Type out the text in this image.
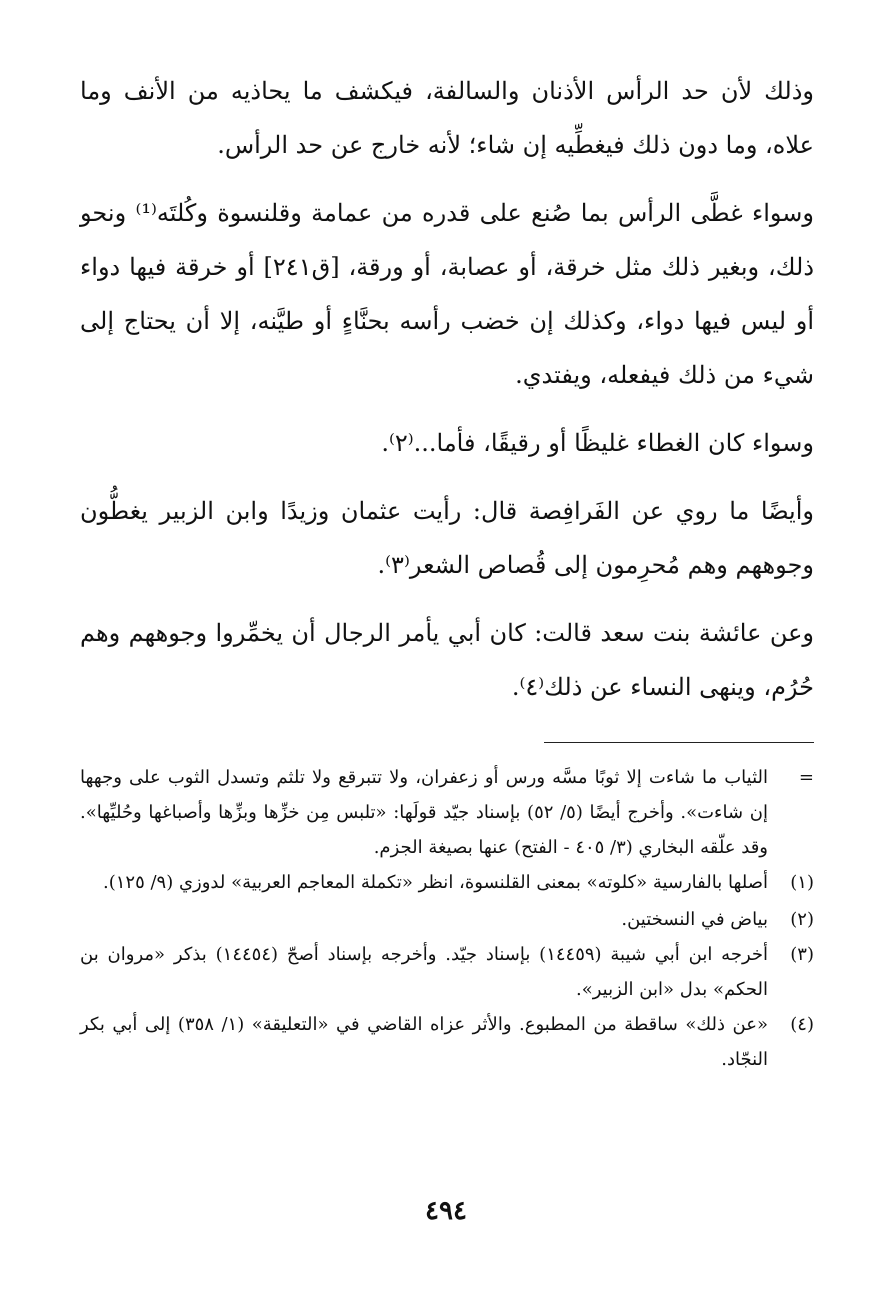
وذلك لأن حد الرأس الأذنان والسالفة، فيكشف ما يحاذيه من الأنف وما علاه، وما دون ذلك فيغطِّيه إن شاء؛ لأنه خارج عن حد الرأس.

وسواء غطَّى الرأس بما صُنع على قدره من عمامة وقلنسوة وكُلتَه⁽¹⁾ ونحو ذلك، وبغير ذلك مثل خرقة، أو عصابة، أو ورقة، [ق٢٤١] أو خرقة فيها دواء أو ليس فيها دواء، وكذلك إن خضب رأسه بحنَّاءٍ أو طيَّنه، إلا أن يحتاج إلى شيء من ذلك فيفعله، ويفتدي.

وسواء كان الغطاء غليظًا أو رقيقًا، فأما...⁽٢⁾.

وأيضًا ما روي عن الفَرافِصة قال: رأيت عثمان وزيدًا وابن الزبير يغطُّون وجوههم وهم مُحرِمون إلى قُصاص الشعر⁽٣⁾.

وعن عائشة بنت سعد قالت: كان أبي يأمر الرجال أن يخمِّروا وجوههم وهم حُرُم، وينهى النساء عن ذلك⁽٤⁾.

=
الثياب ما شاءت إلا ثوبًا مسَّه ورس أو زعفران، ولا تتبرقع ولا تلثم وتسدل الثوب على وجهها إن شاءت». وأخرج أيضًا (٥/ ٥٢) بإسناد جيّد قولَها: «تلبس مِن خزِّها وبزِّها وأصباغها وحُليِّها». وقد علّقه البخاري (٣/ ٤٠٥ - الفتح) عنها بصيغة الجزم.
(١)
أصلها بالفارسية «كلوته» بمعنى القلنسوة، انظر «تكملة المعاجم العربية» لدوزي (٩/ ١٢٥).
(٢)
بياض في النسختين.
(٣)
أخرجه ابن أبي شيبة (١٤٤٥٩) بإسناد جيّد. وأخرجه بإسناد أصحّ (١٤٤٥٤) بذكر «مروان بن الحكم» بدل «ابن الزبير».
(٤)
«عن ذلك» ساقطة من المطبوع. والأثر عزاه القاضي في «التعليقة» (١/ ٣٥٨) إلى أبي بكر النجّاد.
٤٩٤
